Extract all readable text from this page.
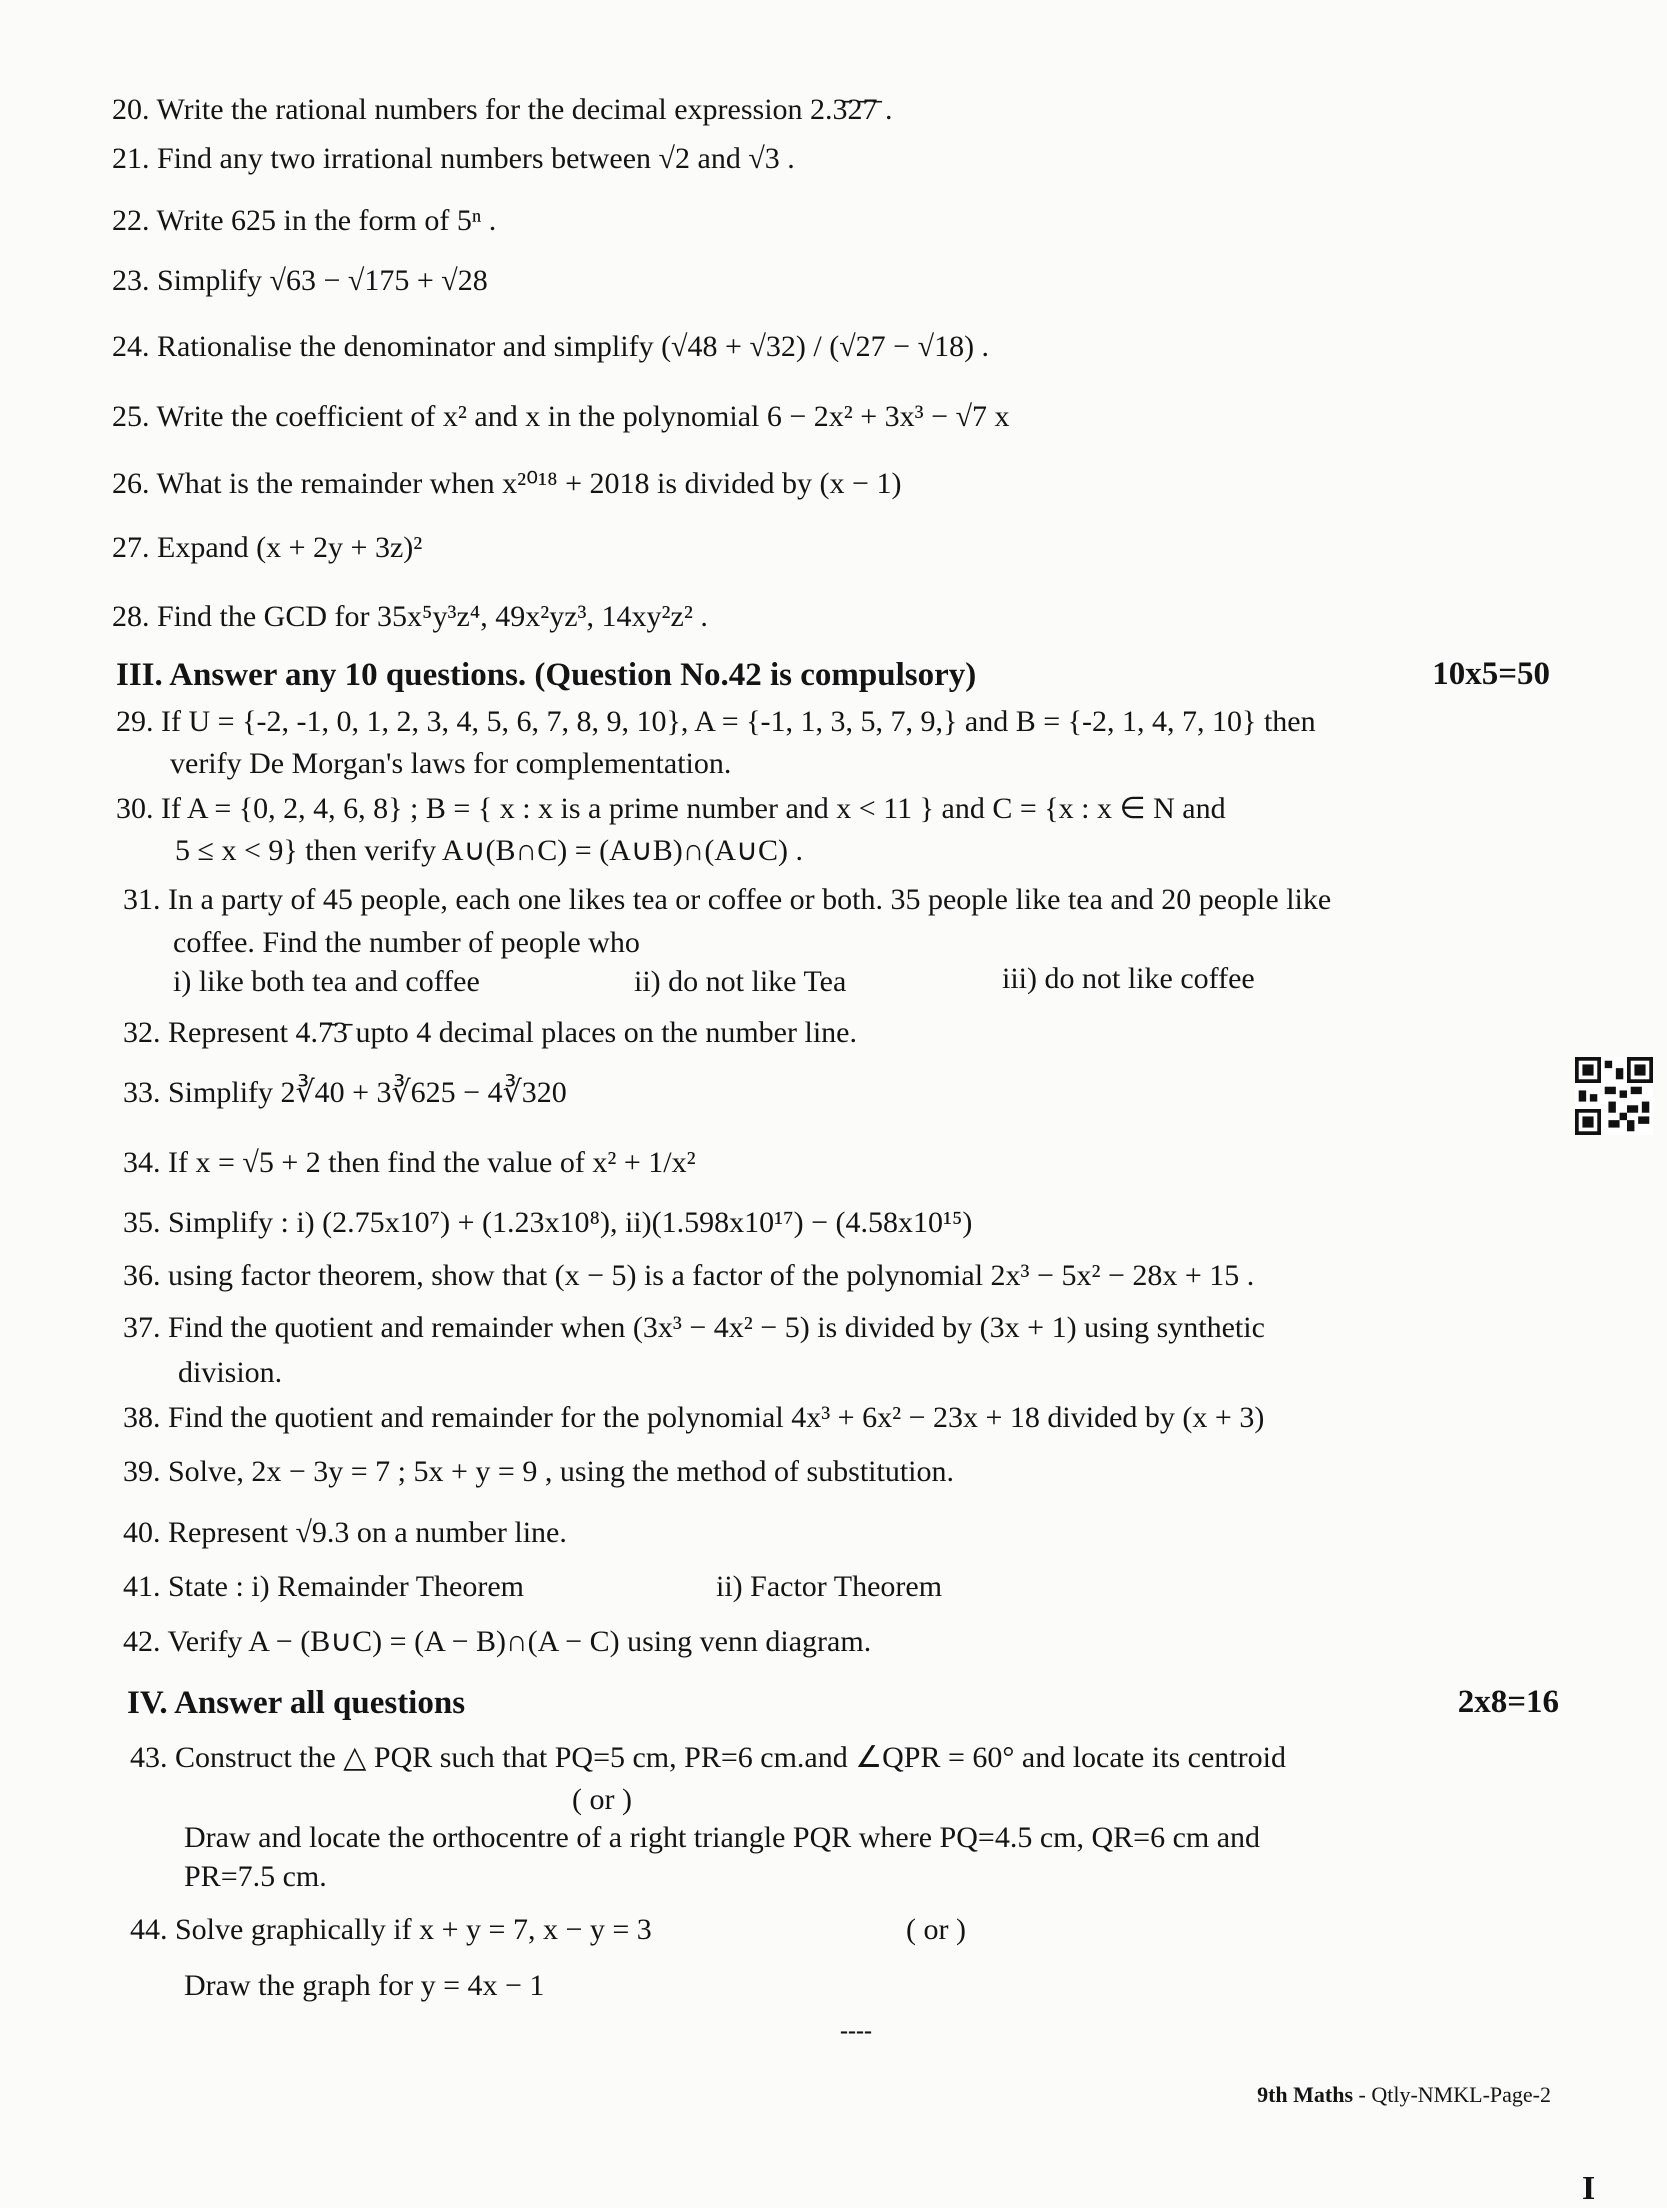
20. Write the rational numbers for the decimal expression 2.3̄2̄7̄ .
21. Find any two irrational numbers between √2 and √3 .
22. Write 625 in the form of 5ⁿ .
23. Simplify √63 − √175 + √28
24. Rationalise the denominator and simplify (√48 + √32) / (√27 − √18) .
25. Write the coefficient of x² and x in the polynomial 6 − 2x² + 3x³ − √7 x
26. What is the remainder when x²⁰¹⁸ + 2018 is divided by (x − 1)
27. Expand (x + 2y + 3z)²
28. Find the GCD for 35x⁵y³z⁴, 49x²yz³, 14xy²z² .
III. Answer any 10 questions. (Question No.42 is compulsory)	10x5=50
29. If U = {-2, -1, 0, 1, 2, 3, 4, 5, 6, 7, 8, 9, 10}, A = {-1, 1, 3, 5, 7, 9,} and B = {-2, 1, 4, 7, 10} then
verify De Morgan's laws for complementation.
30. If A = {0, 2, 4, 6, 8} ; B = { x : x is a prime number and x < 11 } and C = {x : x ∈ N and
5 ≤ x < 9} then verify A∪(B∩C) = (A∪B)∩(A∪C) .
31. In a party of 45 people, each one likes tea or coffee or both. 35 people like tea and 20 people like
coffee. Find the number of people who
i) like both tea and coffee	ii) do not like Tea	iii) do not like coffee
32. Represent 4.7̄3̄ upto 4 decimal places on the number line.
33. Simplify 2∛40 + 3∛625 − 4∛320
34. If x = √5 + 2 then find the value of x² + 1/x²
35. Simplify : i) (2.75x10⁷) + (1.23x10⁸), ii)(1.598x10¹⁷) − (4.58x10¹⁵)
36. using factor theorem, show that (x − 5) is a factor of the polynomial 2x³ − 5x² − 28x + 15 .
37. Find the quotient and remainder when (3x³ − 4x² − 5) is divided by (3x + 1) using synthetic
division.
38. Find the quotient and remainder for the polynomial 4x³ + 6x² − 23x + 18 divided by (x + 3)
39. Solve, 2x − 3y = 7 ; 5x + y = 9 , using the method of substitution.
40. Represent √9.3 on a number line.
41. State : i) Remainder Theorem	ii) Factor Theorem
42. Verify A − (B∪C) = (A − B)∩(A − C) using venn diagram.
IV. Answer all questions	2x8=16
43. Construct the △ PQR such that PQ=5 cm, PR=6 cm.and ∠QPR = 60° and locate its centroid
( or )
Draw and locate the orthocentre of a right triangle PQR where PQ=4.5 cm, QR=6 cm and
PR=7.5 cm.
44. Solve graphically if x + y = 7, x − y = 3	( or )
Draw the graph for y = 4x − 1
----
9th Maths - Qtly-NMKL-Page-2
I
